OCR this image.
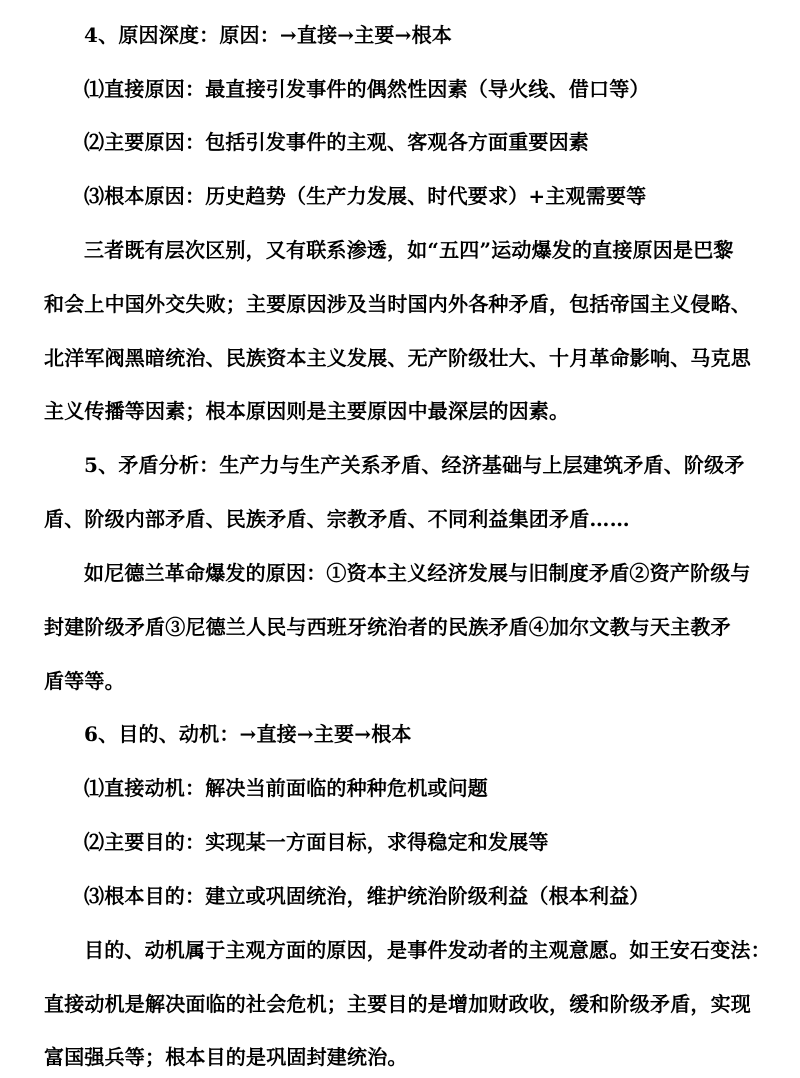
4、原因深度：原因：→直接→主要→根本
⑴直接原因：最直接引发事件的偶然性因素（导火线、借口等）
⑵主要原因：包括引发事件的主观、客观各方面重要因素
⑶根本原因：历史趋势（生产力发展、时代要求）+主观需要等
三者既有层次区别，又有联系渗透，如“五四”运动爆发的直接原因是巴黎
和会上中国外交失败；主要原因涉及当时国内外各种矛盾，包括帝国主义侵略、
北洋军阀黑暗统治、民族资本主义发展、无产阶级壮大、十月革命影响、马克思
主义传播等因素；根本原因则是主要原因中最深层的因素。
5、矛盾分析：生产力与生产关系矛盾、经济基础与上层建筑矛盾、阶级矛
盾、阶级内部矛盾、民族矛盾、宗教矛盾、不同利益集团矛盾……
如尼德兰革命爆发的原因：①资本主义经济发展与旧制度矛盾②资产阶级与
封建阶级矛盾③尼德兰人民与西班牙统治者的民族矛盾④加尔文教与天主教矛
盾等等。
6、目的、动机：→直接→主要→根本
⑴直接动机：解决当前面临的种种危机或问题
⑵主要目的：实现某一方面目标，求得稳定和发展等
⑶根本目的：建立或巩固统治，维护统治阶级利益（根本利益）
目的、动机属于主观方面的原因，是事件发动者的主观意愿。如王安石变法：
直接动机是解决面临的社会危机；主要目的是增加财政收，缓和阶级矛盾，实现
富国强兵等；根本目的是巩固封建统治。
